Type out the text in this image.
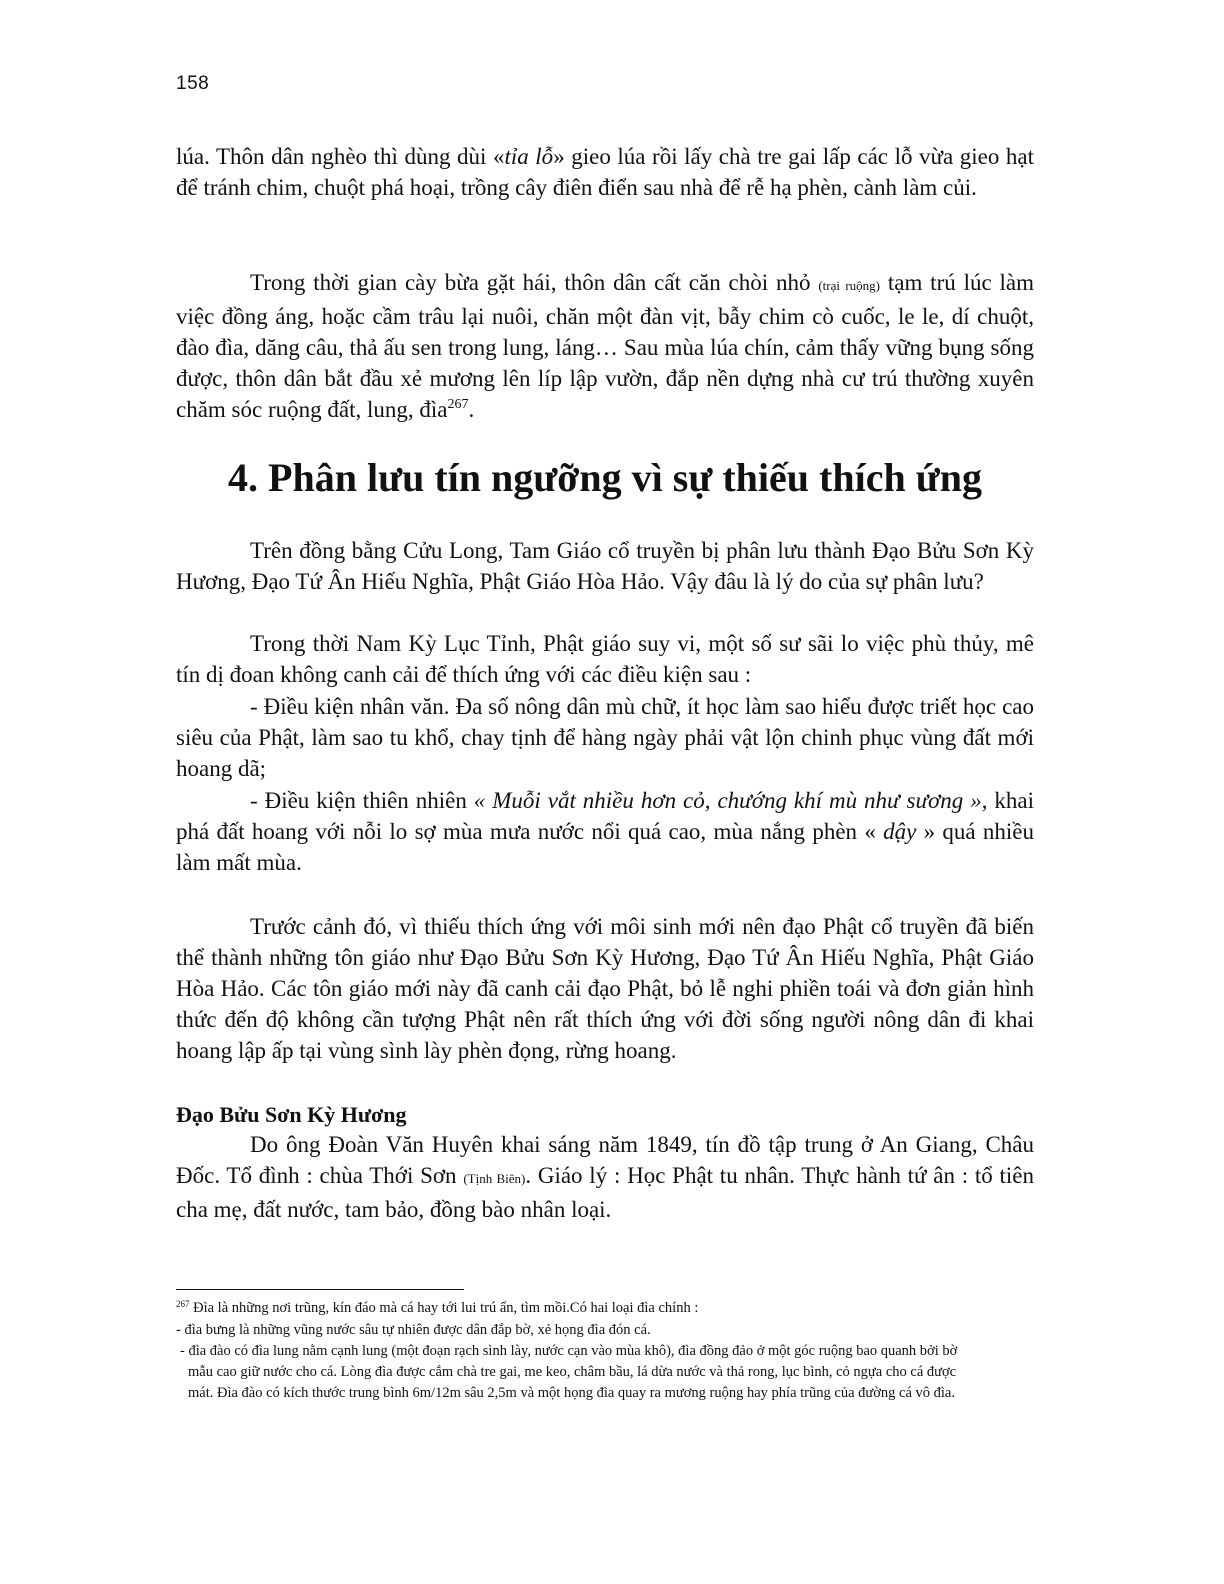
158

lúa. Thôn dân nghèo thì dùng dùi «tỉa lỗ» gieo lúa rồi lấy chà tre gai lấp các lỗ vừa gieo hạt để tránh chim, chuột phá hoại, trồng cây điên điển sau nhà để rễ hạ phèn, cành làm củi.

Trong thời gian cày bừa gặt hái, thôn dân cất căn chòi nhỏ (trại ruộng) tạm trú lúc làm việc đồng áng, hoặc cầm trâu lại nuôi, chăn một đàn vịt, bẫy chim cò cuốc, le le, dí chuột, đào đìa, dăng câu, thả ấu sen trong lung, láng… Sau mùa lúa chín, cảm thấy vững bụng sống được, thôn dân bắt đầu xẻ mương lên líp lập vườn, đắp nền dựng nhà cư trú thường xuyên chăm sóc ruộng đất, lung, đìa$^{267}$.

4. Phân lưu tín ngưỡng vì sự thiếu thích ứng

Trên đồng bằng Cửu Long, Tam Giáo cổ truyền bị phân lưu thành Đạo Bửu Sơn Kỳ Hương, Đạo Tứ Ân Hiếu Nghĩa, Phật Giáo Hòa Hảo. Vậy đâu là lý do của sự phân lưu?

Trong thời Nam Kỳ Lục Tỉnh, Phật giáo suy vi, một số sư sãi lo việc phù thủy, mê tín dị đoan không canh cải để thích ứng với các điều kiện sau :

- Điều kiện nhân văn. Đa số nông dân mù chữ, ít học làm sao hiểu được triết học cao siêu của Phật, làm sao tu khổ, chay tịnh để hàng ngày phải vật lộn chinh phục vùng đất mới hoang dã;

- Điều kiện thiên nhiên « Muỗi vắt nhiều hơn cỏ, chướng khí mù như sương », khai phá đất hoang với nỗi lo sợ mùa mưa nước nổi quá cao, mùa nắng phèn « dậy » quá nhiều làm mất mùa.

Trước cảnh đó, vì thiếu thích ứng với môi sinh mới nên đạo Phật cổ truyền đã biến thể thành những tôn giáo như Đạo Bửu Sơn Kỳ Hương, Đạo Tứ Ân Hiếu Nghĩa, Phật Giáo Hòa Hảo. Các tôn giáo mới này đã canh cải đạo Phật, bỏ lễ nghi phiền toái và đơn giản hình thức đến độ không cần tượng Phật nên rất thích ứng với đời sống người nông dân đi khai hoang lập ấp tại vùng sình lày phèn đọng, rừng hoang.

Đạo Bửu Sơn Kỳ Hương

Do ông Đoàn Văn Huyên khai sáng năm 1849, tín đồ tập trung ở An Giang, Châu Đốc. Tổ đình : chùa Thới Sơn (Tịnh Biên). Giáo lý : Học Phật tu nhân. Thực hành tứ ân : tổ tiên cha mẹ, đất nước, tam bảo, đồng bào nhân loại.

$^{267}$ Đìa là những nơi trũng, kín đáo mà cá hay tới lui trú ẩn, tìm mồi.Có hai loại đìa chính :

- đìa bưng là những vũng nước sâu tự nhiên được dân đắp bờ, xẻ họng đìa đón cá.

- đìa đào có đìa lung nằm cạnh lung (một đoạn rạch sình lày, nước cạn vào mùa khô), đìa đồng đảo ở một góc ruộng bao quanh bởi bờ mẫu cao giữ nước cho cá. Lòng đìa được cắm chà tre gai, me keo, châm bầu, lá dừa nước và thả rong, lục bình, cỏ ngựa cho cá được mát. Đìa đào có kích thước trung bình 6m/12m sâu 2,5m và một họng đìa quay ra mương ruộng hay phía trũng của đường cá vô đìa.
